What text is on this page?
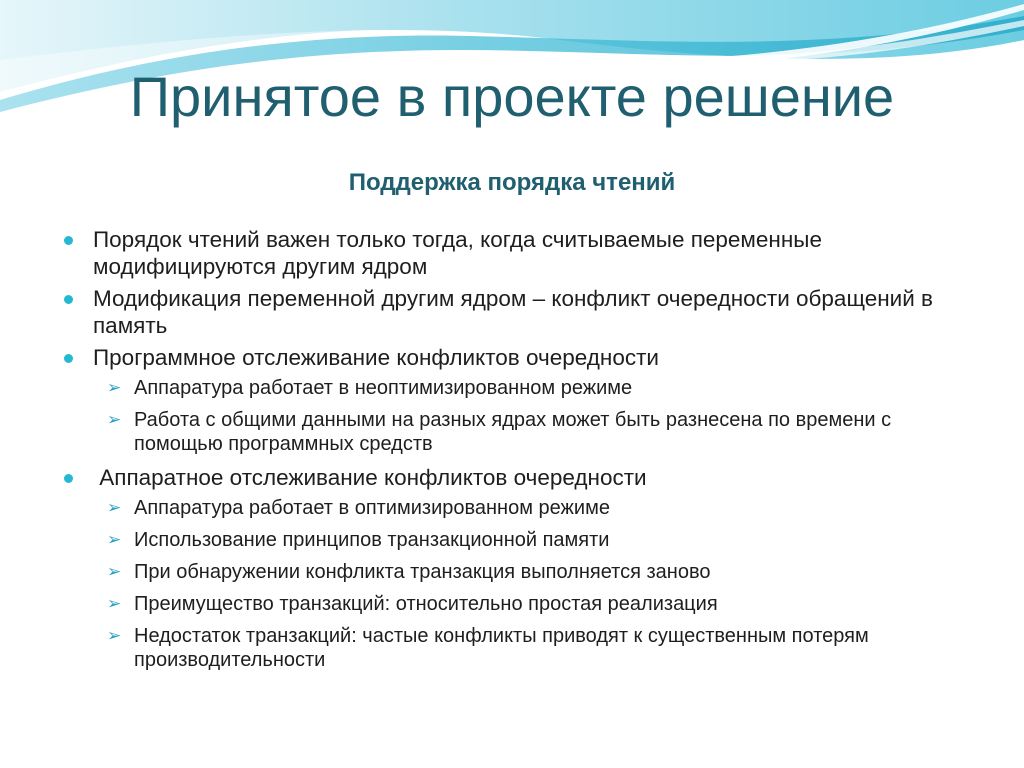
Принятое в проекте решение
Поддержка порядка чтений
Порядок чтений важен только тогда, когда считываемые переменные модифицируются другим ядром
Модификация переменной другим ядром – конфликт очередности обращений в память
Программное отслеживание конфликтов очередности
➢ Аппаратура работает в неоптимизированном режиме
➢ Работа с общими данными на разных ядрах может быть разнесена по времени с помощью программных средств
Аппаратное отслеживание конфликтов очередности
➢ Аппаратура работает в оптимизированном режиме
➢ Использование принципов транзакционной памяти
➢ При обнаружении конфликта транзакция выполняется заново
➢ Преимущество транзакций: относительно простая реализация
➢ Недостаток транзакций: частые конфликты приводят к существенным потерям производительности
